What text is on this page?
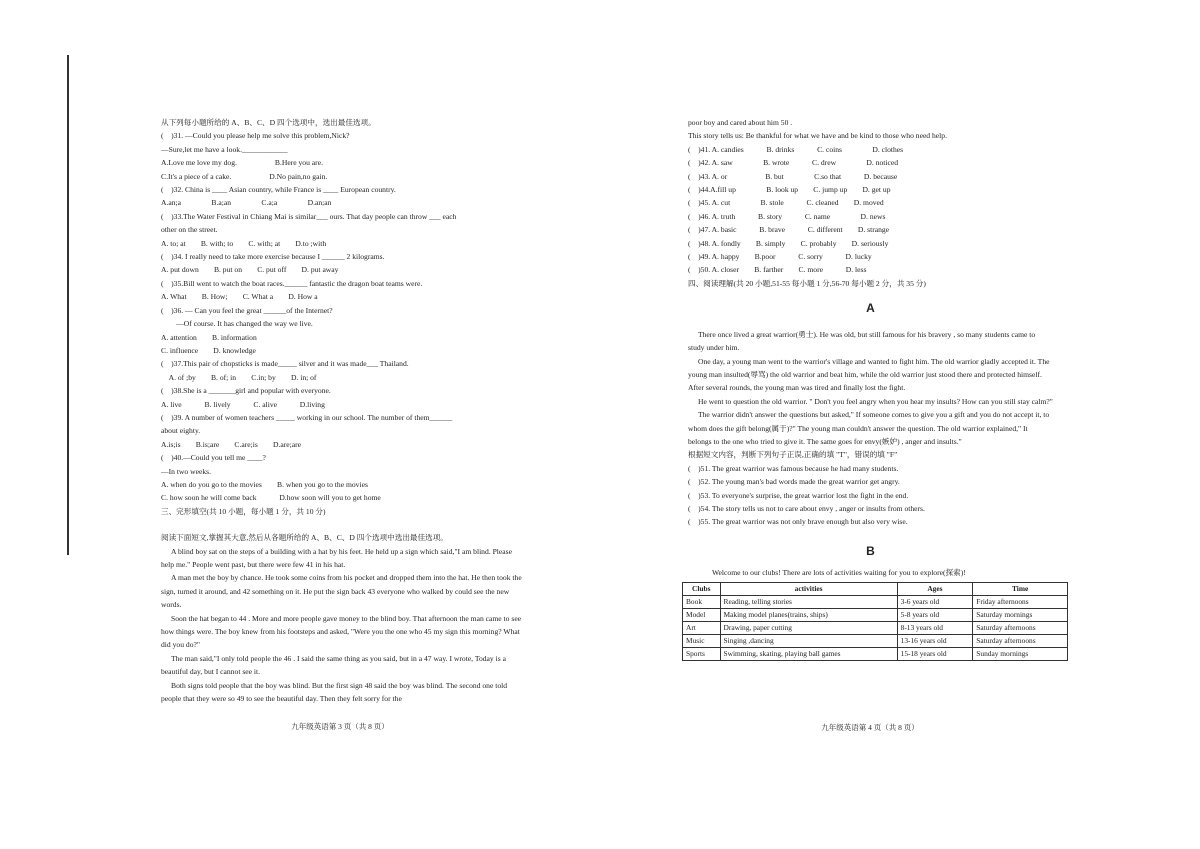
从下列每小题所给的 A、B、C、D 四个选项中，选出最佳选项。
(　)31. —Could you please help me solve this problem,Nick?
—Sure,let me have a look.____________
A.Love me love my dog.　　　　　B.Here you are.
C.It's a piece of a cake.　　　　　D.No pain,no gain.
(　)32. China is ____ Asian country, while France is ____ European country.
A.an;a　　　　B.a;an　　　　C.a;a　　　　D.an;an
(　)33.The Water Festival in Chiang Mai is similar___ ours. That day people can throw ___ each
other on the street.
A. to; at　　B. with; to　　C. with; at　　D.to ;with
(　)34. I really need to take more exercise because I ______ 2 kilograms.
A. put down　　B. put on　　C. put off　　D. put away
(　)35.Bill went to watch the boat races.______ fantastic the dragon boat teams were.
A. What　　B. How;　　C. What a　　D. How a
(　)36. — Can you feel the great ______of the Internet?
　　—Of course. It has changed the way we live.
A. attention　　B. information
C. influence　　D. knowledge
(　)37.This pair of chopsticks is made_____ silver and it was made___ Thailand.
　A. of ;by　　B. of; in　　C.in; by　　D. in; of
(　)38.She is a _______girl and popular with everyone.
A. live　　　B. lively　　　C. alive　　　D.living
(　)39. A number of women teachers _____ working in our school. The number of them______
about eighty.
A.is;is　　B.is;are　　C.are;is　　D.are;are
(　)40.—Could you tell me ____?
—In two weeks.
A. when do you go to the movies　　B. when you go to the movies
C. how soon he will come back　　　D.how soon will you to get home
三、完形填空(共 10 小题，每小题 1 分，共 10 分)
阅读下面短文,掌握其大意,然后从各题所给的 A、B、C、D 四个选项中选出最佳选项。
A blind boy sat on the steps of a building with a hat by his feet. He held up a sign which said,"I am blind. Please help me." People went past, but there were few 41 in his hat.
A man met the boy by chance. He took some coins from his pocket and dropped them into the hat. He then took the sign, turned it around, and 42 something on it. He put the sign back 43 everyone who walked by could see the new words.
Soon the hat began to 44 . More and more people gave money to the blind boy. That afternoon the man came to see how things were. The boy knew from his footsteps and asked, "Were you the one who 45 my sign this morning? What did you do?"
The man said,"I only told people the 46 . I said the same thing as you said, but in a 47 way. I wrote, Today is a beautiful day, but I cannot see it.
Both signs told people that the boy was blind. But the first sign 48 said the boy was blind. The second one told people that they were so 49 to see the beautiful day. Then they felt sorry for the
九年级英语第 3 页（共 8 页）
poor boy and cared about him 50 .
This story tells us: Be thankful for what we have and be kind to those who need help.
(　)41. A. candies　　　B. drinks　　　C. coins　　　　D. clothes
(　)42. A. saw　　　　B. wrote　　　C. drew　　　　D. noticed
(　)43. A. or　　　　　B. but　　　　C.so that　　　D. because
(　)44.A.fill up　　　　B. look up　　C. jump up　　D. get up
(　)45. A. cut　　　　B. stole　　　C. cleaned　　D. moved
(　)46. A. truth　　　B. story　　　C. name　　　　D. news
(　)47. A. basic　　　B. brave　　　C. different　　D. strange
(　)48. A. fondly　　B. simply　　C. probably　　D. seriously
(　)49. A. happy　　B.poor　　　C. sorry　　　D. lucky
(　)50. A. closer　　B. farther　　C. more　　　D. less
四、阅读理解(共 20 小题,51-55 每小题 1 分,56-70 每小题 2 分，共 35 分)
A
There once lived a great warrior(勇士). He was old, but still famous for his bravery , so many students came to study under him.
One day, a young man went to the warrior's village and wanted to fight him. The old warrior gladly accepted it. The young man insulted(辱骂) the old warrior and beat him, while the old warrior just stood there and protected himself. After several rounds, the young man was tired and finally lost the fight.
He went to question the old warrior. " Don't you feel angry when you hear my insults? How can you still stay calm?"
The warrior didn't answer the questions but asked," If someone comes to give you a gift and you do not accept it, to whom does the gift belong(属于)?" The young man couldn't answer the question. The old warrior explained," It belongs to the one who tried to give it. The same goes for envy(嫉妒) , anger and insults."
根据短文内容，判断下列句子正误,正确的填 "T"，错误的填 "F"
(　)51. The great warrior was famous because he had many students.
(　)52. The young man's bad words made the great warrior get angry.
(　)53. To everyone's surprise, the great warrior lost the fight in the end.
(　)54. The story tells us not to care about envy , anger or insults from others.
(　)55. The great warrior was not only brave enough but also very wise.
B
Welcome to our clubs! There are lots of activities waiting for you to explore(探索)!
Clubs	activities	Ages	Time
Book	Reading, telling stories	3-6 years old	Friday afternoons
Model	Making model planes(trains, ships)	5-8 years old	Saturday mornings
Art	Drawing, paper cutting	8-13 years old	Saturday afternoons
Music	Singing ,dancing	13-16 years old	Saturday afternoons
Sports	Swimming, skating, playing ball games	15-18 years old	Sunday mornings
九年级英语第 4 页（共 8 页）
